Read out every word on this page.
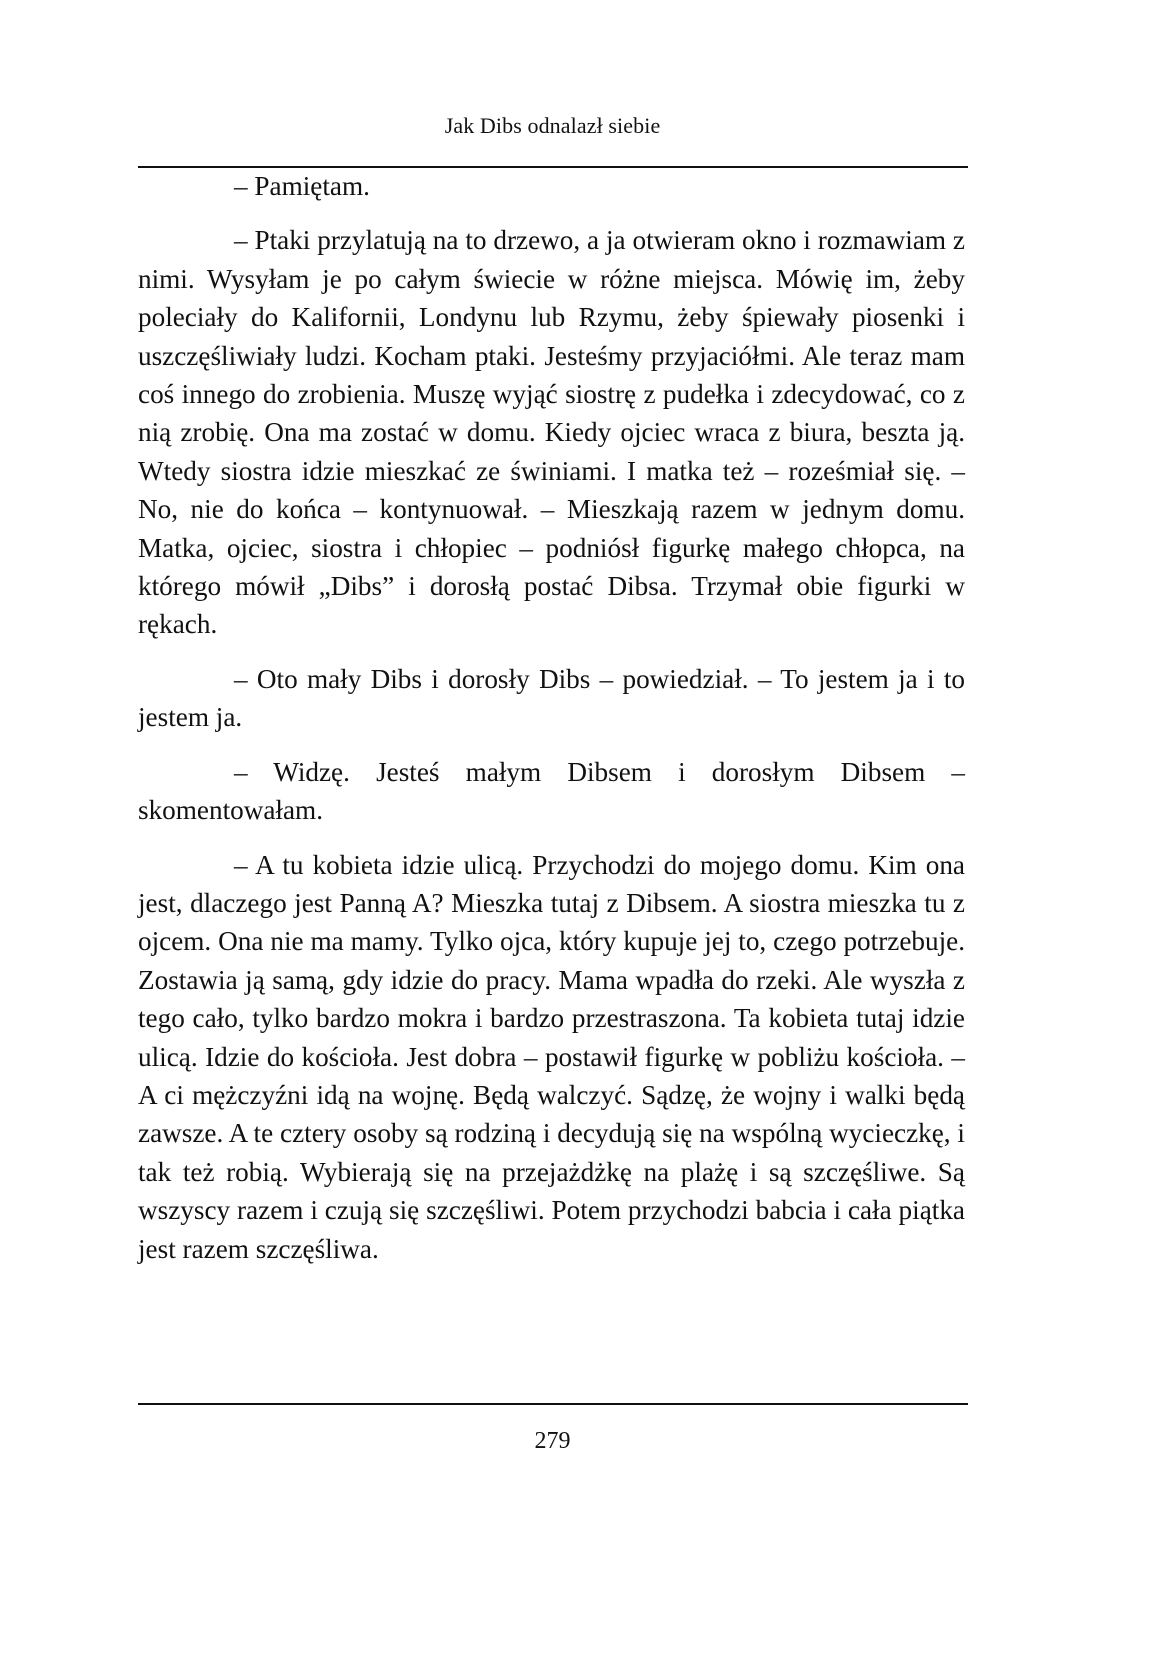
Jak Dibs odnalazł siebie

– Pamiętam.

– Ptaki przylatują na to drzewo, a ja otwieram okno i rozmawiam z nimi. Wysyłam je po całym świecie w różne miejsca. Mówię im, żeby poleciały do Kalifornii, Londynu lub Rzymu, żeby śpiewały piosenki i uszczęśliwiały ludzi. Kocham ptaki. Jesteśmy przyjaciółmi. Ale teraz mam coś innego do zrobienia. Muszę wyjąć siostrę z pudełka i zdecydować, co z nią zrobię. Ona ma zostać w domu. Kiedy ojciec wraca z biura, beszta ją. Wtedy siostra idzie mieszkać ze świniami. I matka też – roześmiał się. – No, nie do końca – kontynuował. – Mieszkają razem w jednym domu. Matka, ojciec, siostra i chłopiec – podniósł figurkę małego chłopca, na którego mówił „Dibs” i dorosłą postać Dibsa. Trzymał obie figurki w rękach.

– Oto mały Dibs i dorosły Dibs – powiedział. – To jestem ja i to jestem ja.

– Widzę. Jesteś małym Dibsem i dorosłym Dibsem – skomentowałam.

– A tu kobieta idzie ulicą. Przychodzi do mojego domu. Kim ona jest, dlaczego jest Panną A? Mieszka tutaj z Dibsem. A siostra mieszka tu z ojcem. Ona nie ma mamy. Tylko ojca, który kupuje jej to, czego potrzebuje. Zostawia ją samą, gdy idzie do pracy. Mama wpadła do rzeki. Ale wyszła z tego cało, tylko bardzo mokra i bardzo przestraszona. Ta kobieta tutaj idzie ulicą. Idzie do kościoła. Jest dobra – postawił figurkę w pobliżu kościoła. – A ci mężczyźni idą na wojnę. Będą walczyć. Sądzę, że wojny i walki będą zawsze. A te cztery osoby są rodziną i decydują się na wspólną wycieczkę, i tak też robią. Wybierają się na przejażdżkę na plażę i są szczęśliwe. Są wszyscy razem i czują się szczęśliwi. Potem przychodzi babcia i cała piątka jest razem szczęśliwa.

279
